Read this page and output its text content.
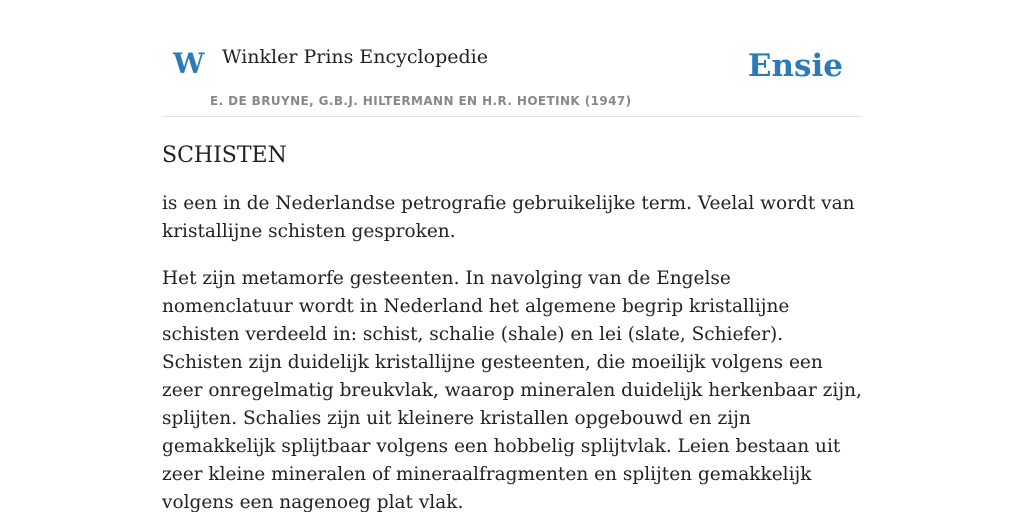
W Winkler Prins Encyclopedie
E. DE BRUYNE, G.B.J. HILTERMANN EN H.R. HOETINK (1947)
Ensie
SCHISTEN

is een in de Nederlandse petrografie gebruikelijke term. Veelal wordt van kristallijne schisten gesproken.

Het zijn metamorfe gesteenten. In navolging van de Engelse nomenclatuur wordt in Nederland het algemene begrip kristallijne schisten verdeeld in: schist, schalie (shale) en lei (slate, Schiefer). Schisten zijn duidelijk kristallijne gesteenten, die moeilijk volgens een zeer onregelmatig breukvlak, waarop mineralen duidelijk herkenbaar zijn, splijten. Schalies zijn uit kleinere kristallen opgebouwd en zijn gemakkelijk splijtbaar volgens een hobbelig splijtvlak. Leien bestaan uit zeer kleine mineralen of mineraalfragmenten en splijten gemakkelijk volgens een nagenoeg plat vlak.
